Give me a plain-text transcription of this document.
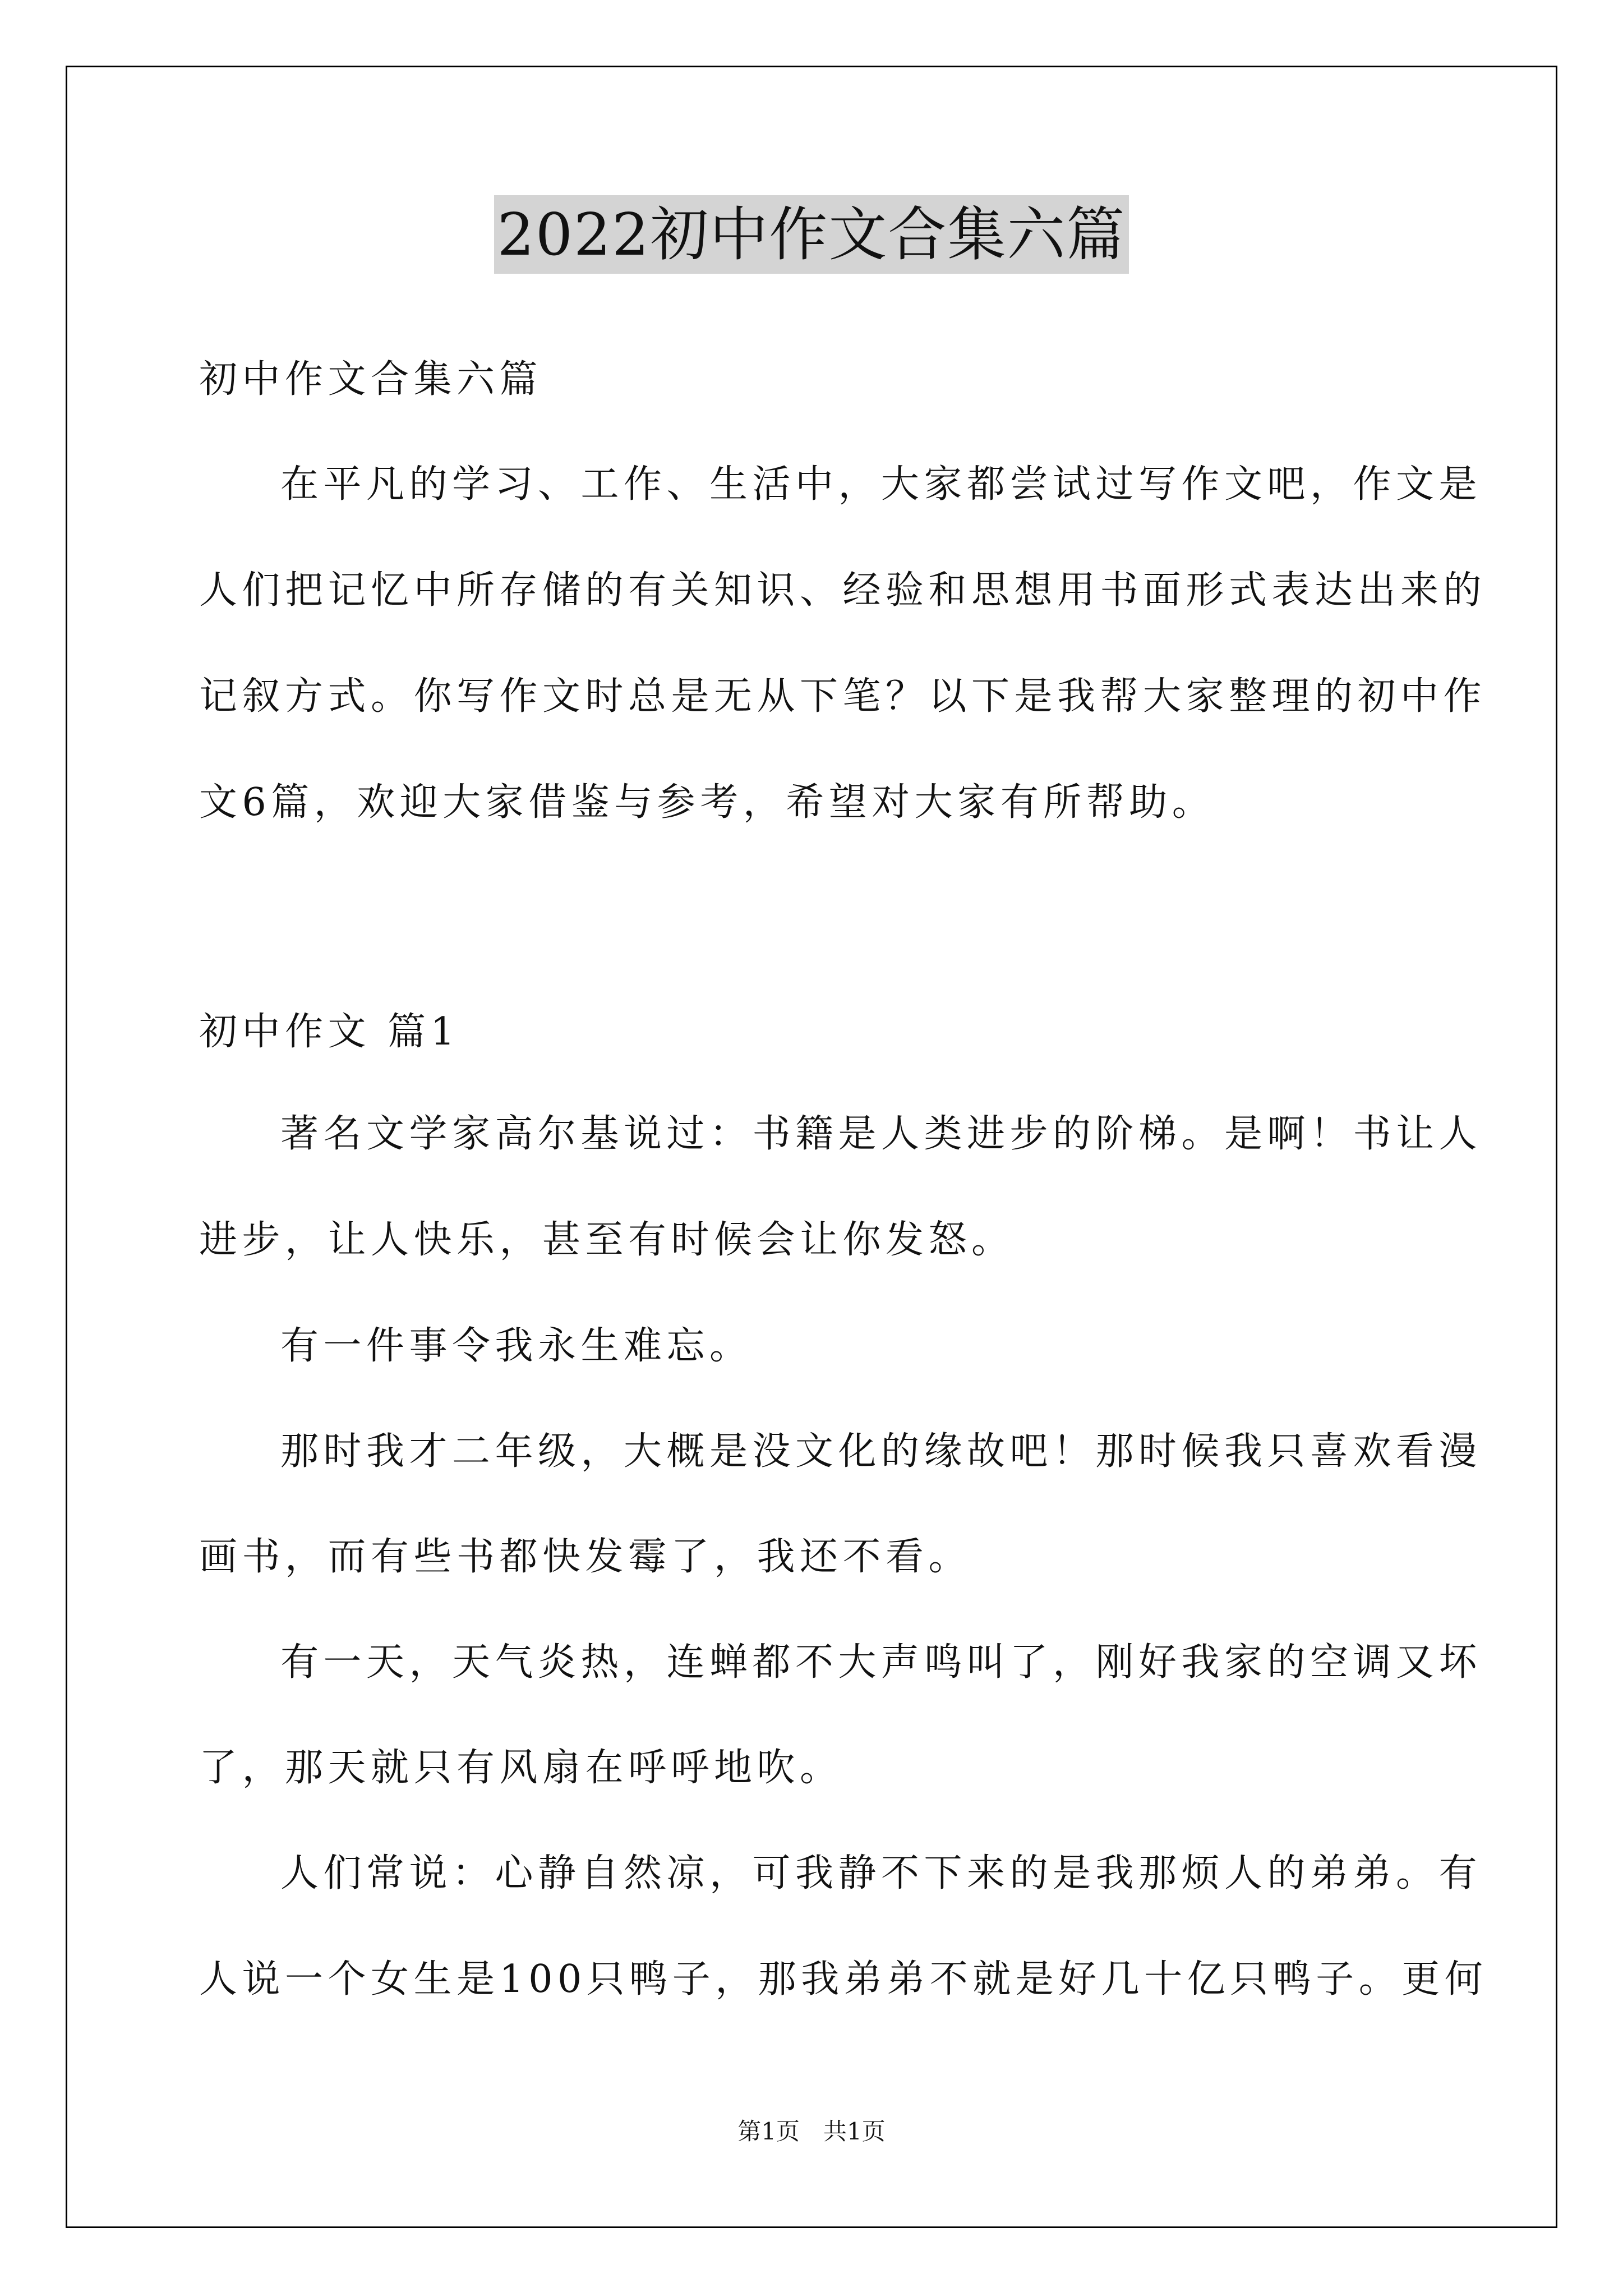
2022初中作文合集六篇
初中作文合集六篇
在平凡的学习、工作、生活中，大家都尝试过写作文吧，作文是
人们把记忆中所存储的有关知识、经验和思想用书面形式表达出来的
记叙方式。你写作文时总是无从下笔？以下是我帮大家整理的初中作
文6篇，欢迎大家借鉴与参考，希望对大家有所帮助。
初中作文 篇1
著名文学家高尔基说过：书籍是人类进步的阶梯。是啊！书让人
进步，让人快乐，甚至有时候会让你发怒。
有一件事令我永生难忘。
那时我才二年级，大概是没文化的缘故吧！那时候我只喜欢看漫
画书，而有些书都快发霉了，我还不看。
有一天，天气炎热，连蝉都不大声鸣叫了，刚好我家的空调又坏
了，那天就只有风扇在呼呼地吹。
人们常说：心静自然凉，可我静不下来的是我那烦人的弟弟。有
人说一个女生是100只鸭子，那我弟弟不就是好几十亿只鸭子。更何
第1页　共1页
